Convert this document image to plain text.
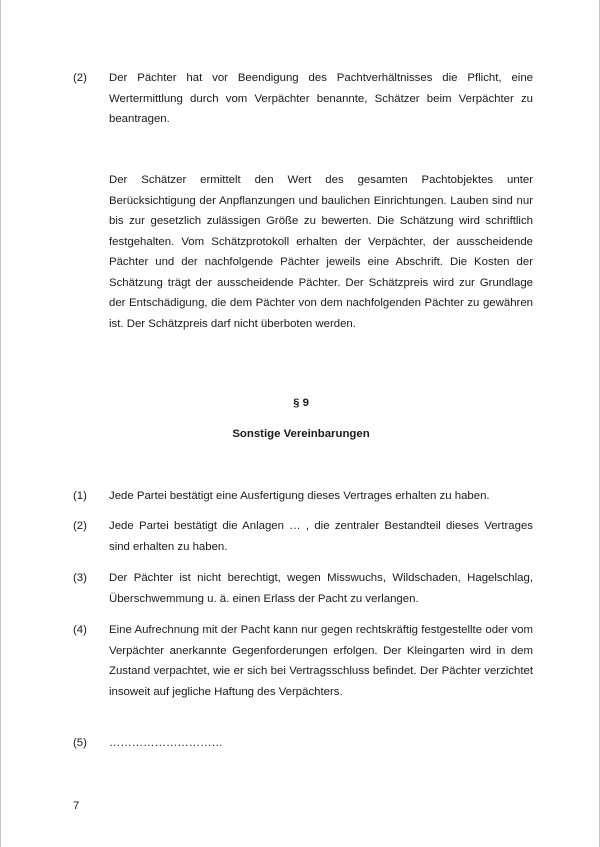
(2) Der Pächter hat vor Beendigung des Pachtverhältnisses die Pflicht, eine Wertermittlung durch vom Verpächter benannte, Schätzer beim Verpächter zu beantragen.
Der Schätzer ermittelt den Wert des gesamten Pachtobjektes unter Berücksichtigung der Anpflanzungen und baulichen Einrichtungen. Lauben sind nur bis zur gesetzlich zulässigen Größe zu bewerten. Die Schätzung wird schriftlich festgehalten. Vom Schätzprotokoll erhalten der Verpächter, der ausscheidende Pächter und der nachfolgende Pächter jeweils eine Abschrift. Die Kosten der Schätzung trägt der ausscheidende Pächter. Der Schätzpreis wird zur Grundlage der Entschädigung, die dem Pächter von dem nachfolgenden Pächter zu gewähren ist. Der Schätzpreis darf nicht überboten werden.
§ 9
Sonstige Vereinbarungen
(1) Jede Partei bestätigt eine Ausfertigung dieses Vertrages erhalten zu haben.
(2) Jede Partei bestätigt die Anlagen … , die zentraler Bestandteil dieses Vertrages sind erhalten zu haben.
(3) Der Pächter ist nicht berechtigt, wegen Misswuchs, Wildschaden, Hagelschlag, Überschwemmung u. ä. einen Erlass der Pacht zu verlangen.
(4) Eine Aufrechnung mit der Pacht kann nur gegen rechtskräftig festgestellte oder vom Verpächter anerkannte Gegenforderungen erfolgen. Der Kleingarten wird in dem Zustand verpachtet, wie er sich bei Vertragsschluss befindet. Der Pächter verzichtet insoweit auf jegliche Haftung des Verpächters.
(5) …………………………
7
